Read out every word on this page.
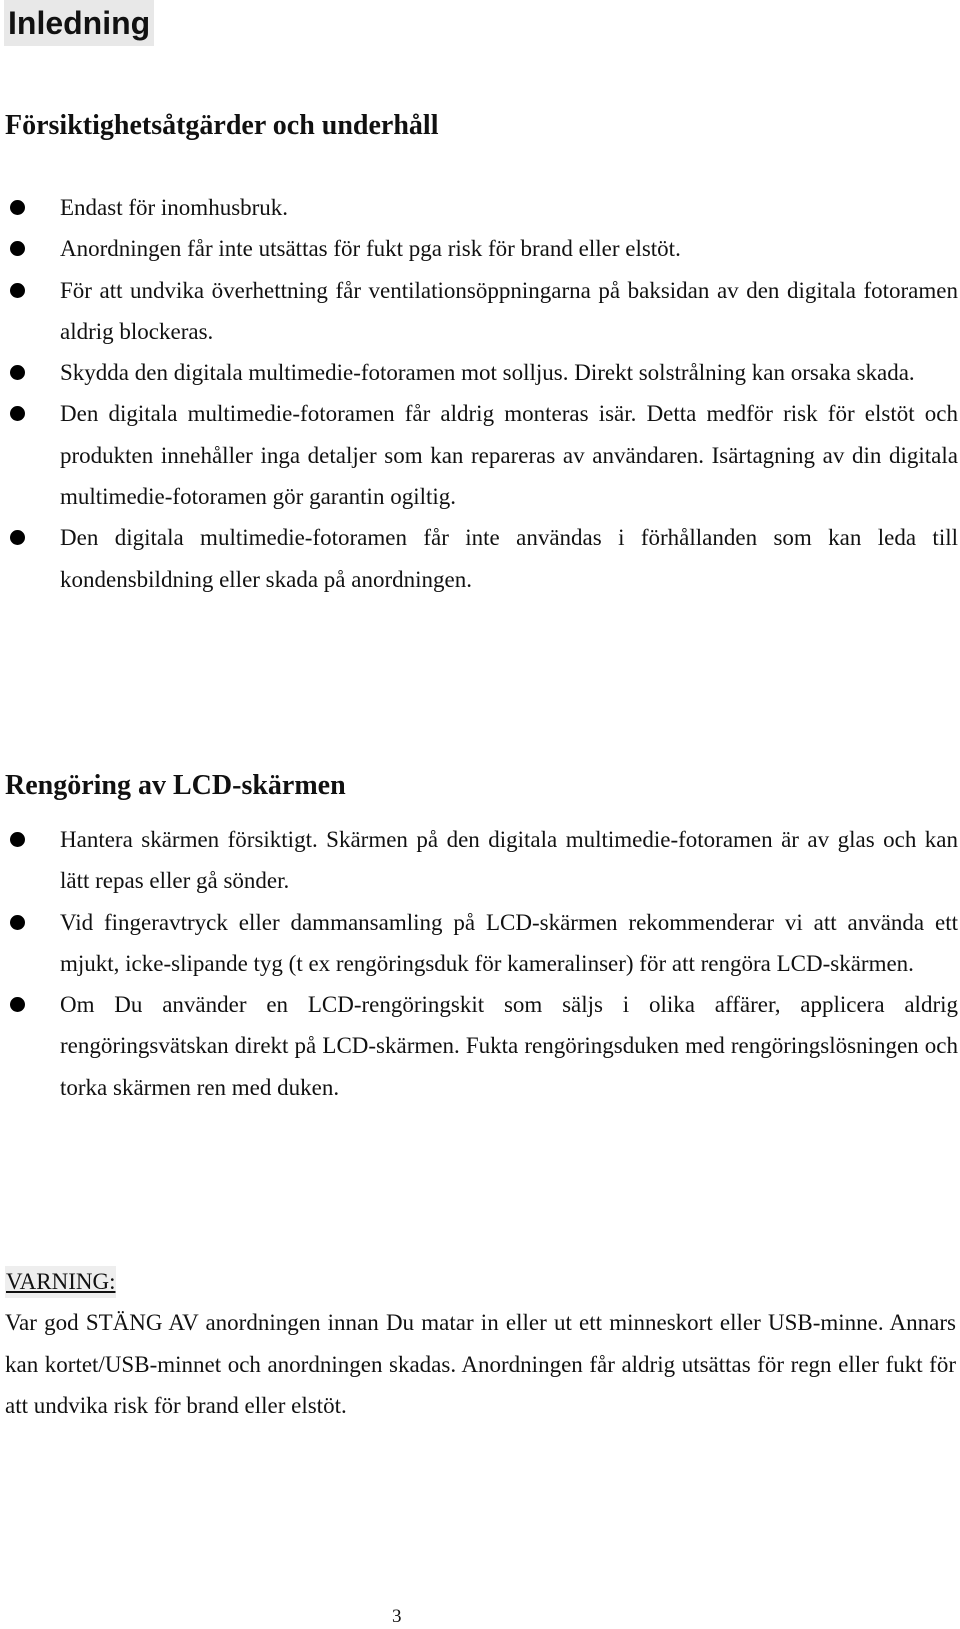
Inledning
Försiktighetsåtgärder och underhåll
Endast för inomhusbruk.
Anordningen får inte utsättas för fukt pga risk för brand eller elstöt.
För att undvika överhettning får ventilationsöppningarna på baksidan av den digitala fotoramen aldrig blockeras.
Skydda den digitala multimedie-fotoramen mot solljus. Direkt solstrålning kan orsaka skada.
Den digitala multimedie-fotoramen får aldrig monteras isär. Detta medför risk för elstöt och produkten innehåller inga detaljer som kan repareras av användaren. Isärtagning av din digitala multimedie-fotoramen gör garantin ogiltig.
Den digitala multimedie-fotoramen får inte användas i förhållanden som kan leda till kondensbildning eller skada på anordningen.
Rengöring av LCD-skärmen
Hantera skärmen försiktigt. Skärmen på den digitala multimedie-fotoramen är av glas och kan lätt repas eller gå sönder.
Vid fingeravtryck eller dammansamling på LCD-skärmen rekommenderar vi att använda ett mjukt, icke-slipande tyg (t ex rengöringsduk för kameralinser) för att rengöra LCD-skärmen.
Om Du använder en LCD-rengöringskit som säljs i olika affärer, applicera aldrig rengöringsvätskan direkt på LCD-skärmen. Fukta rengöringsduken med rengöringslösningen och torka skärmen ren med duken.

VARNING:

Var god STÄNG AV anordningen innan Du matar in eller ut ett minneskort eller USB-minne. Annars kan kortet/USB-minnet och anordningen skadas. Anordningen får aldrig utsättas för regn eller fukt för att undvika risk för brand eller elstöt.

3
